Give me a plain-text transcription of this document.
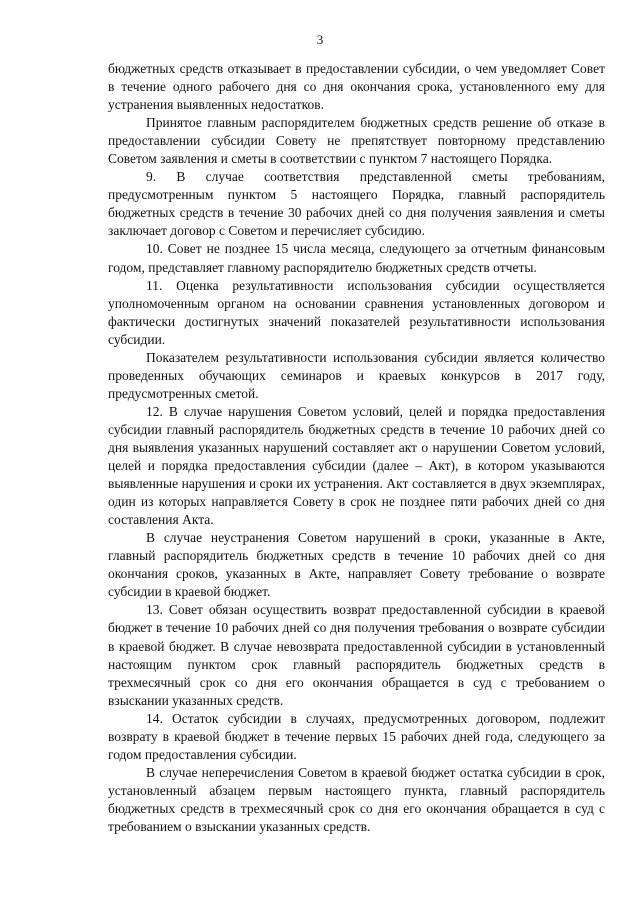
3

бюджетных средств отказывает в предоставлении субсидии, о чем уведомляет Совет в течение одного рабочего дня со дня окончания срока, установленного ему для устранения выявленных недостатков.

Принятое главным распорядителем бюджетных средств решение об отказе в предоставлении субсидии Совету не препятствует повторному представлению Советом заявления и сметы в соответствии с пунктом 7 настоящего Порядка.

9. В случае соответствия представленной сметы требованиям, предусмотренным пунктом 5 настоящего Порядка, главный распорядитель бюджетных средств в течение 30 рабочих дней со дня получения заявления и сметы заключает договор с Советом и перечисляет субсидию.

10. Совет не позднее 15 числа месяца, следующего за отчетным финансовым годом, представляет главному распорядителю бюджетных средств отчеты.

11. Оценка результативности использования субсидии осуществляется уполномоченным органом на основании сравнения установленных договором и фактически достигнутых значений показателей результативности использования субсидии.

Показателем результативности использования субсидии является количество проведенных обучающих семинаров и краевых конкурсов в 2017 году, предусмотренных сметой.

12. В случае нарушения Советом условий, целей и порядка предоставления субсидии главный распорядитель бюджетных средств в течение 10 рабочих дней со дня выявления указанных нарушений составляет акт о нарушении Советом условий, целей и порядка предоставления субсидии (далее – Акт), в котором указываются выявленные нарушения и сроки их устранения. Акт составляется в двух экземплярах, один из которых направляется Совету в срок не позднее пяти рабочих дней со дня составления Акта.

В случае неустранения Советом нарушений в сроки, указанные в Акте, главный распорядитель бюджетных средств в течение 10 рабочих дней со дня окончания сроков, указанных в Акте, направляет Совету требование о возврате субсидии в краевой бюджет.

13. Совет обязан осуществить возврат предоставленной субсидии в краевой бюджет в течение 10 рабочих дней со дня получения требования о возврате субсидии в краевой бюджет. В случае невозврата предоставленной субсидии в установленный настоящим пунктом срок главный распорядитель бюджетных средств в трехмесячный срок со дня его окончания обращается в суд с требованием о взыскании указанных средств.

14. Остаток субсидии в случаях, предусмотренных договором, подлежит возврату в краевой бюджет в течение первых 15 рабочих дней года, следующего за годом предоставления субсидии.

В случае неперечисления Советом в краевой бюджет остатка субсидии в срок, установленный абзацем первым настоящего пункта, главный распорядитель бюджетных средств в трехмесячный срок со дня его окончания обращается в суд с требованием о взыскании указанных средств.
